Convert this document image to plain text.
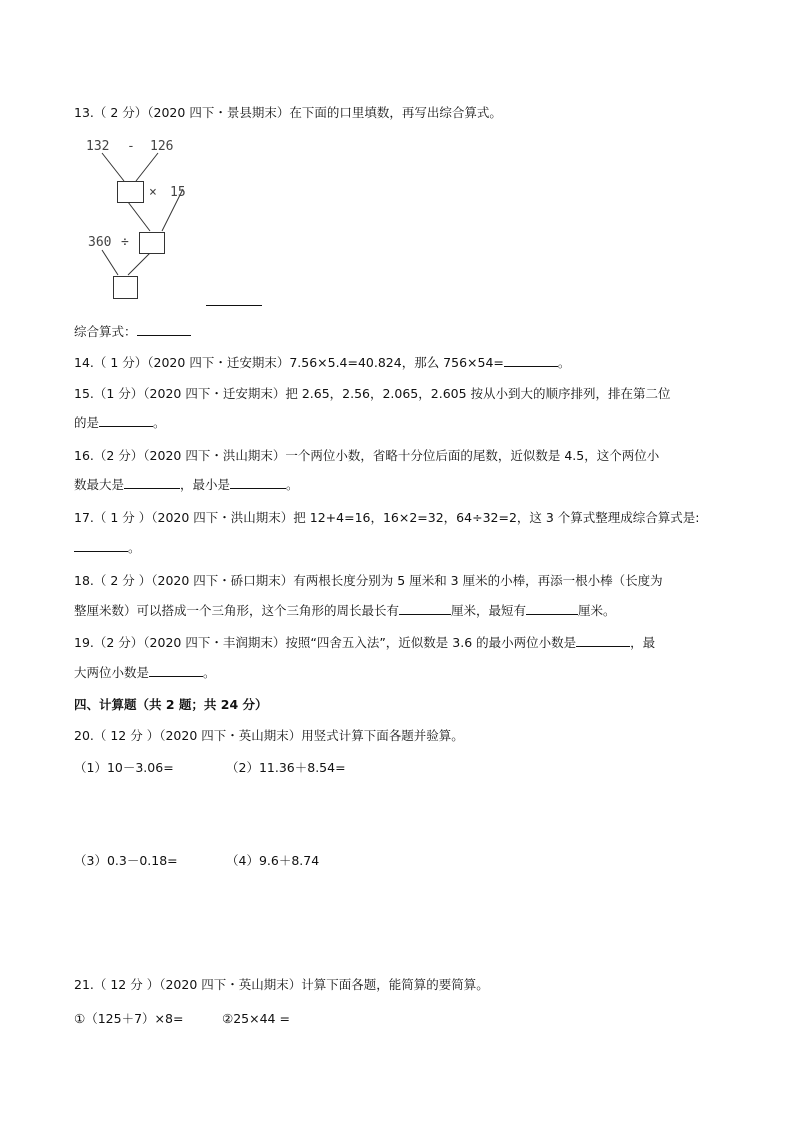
13.（ 2 分）（2020 四下・景县期末）在下面的口里填数，再写出综合算式。
132 - 126
× 15
360 ÷
综合算式：
14.（ 1 分）（2020 四下・迁安期末）7.56×5.4=40.824，那么 756×54=	。
15.（1 分）（2020 四下・迁安期末）把 2.65，2.56，2.065，2.605 按从小到大的顺序排列，排在第二位
的是	。
16.（2 分）（2020 四下・洪山期末）一个两位小数，省略十分位后面的尾数，近似数是 4.5，这个两位小
数最大是	，最小是	。
17.（ 1 分 ）（2020 四下・洪山期末）把 12+4=16，16×2=32，64÷32=2，这 3 个算式整理成综合算式是:
。
18.（ 2 分 ）（2020 四下・硚口期末）有两根长度分别为 5 厘米和 3 厘米的小棒，再添一根小棒（长度为
整厘米数）可以搭成一个三角形，这个三角形的周长最长有	厘米，最短有	厘米。
19.（2 分）（2020 四下・丰润期末）按照“四舍五入法”，近似数是 3.6 的最小两位小数是	，最
大两位小数是	。
四、计算题（共 2 题；共 24 分）
20.（ 12 分 ）（2020 四下・英山期末）用竖式计算下面各题并验算。
（1）10－3.06=	（2）11.36＋8.54=
（3）0.3－0.18=	（4）9.6＋8.74
21.（ 12 分 ）（2020 四下・英山期末）计算下面各题，能简算的要简算。
①（125＋7）×8=	②25×44 =
